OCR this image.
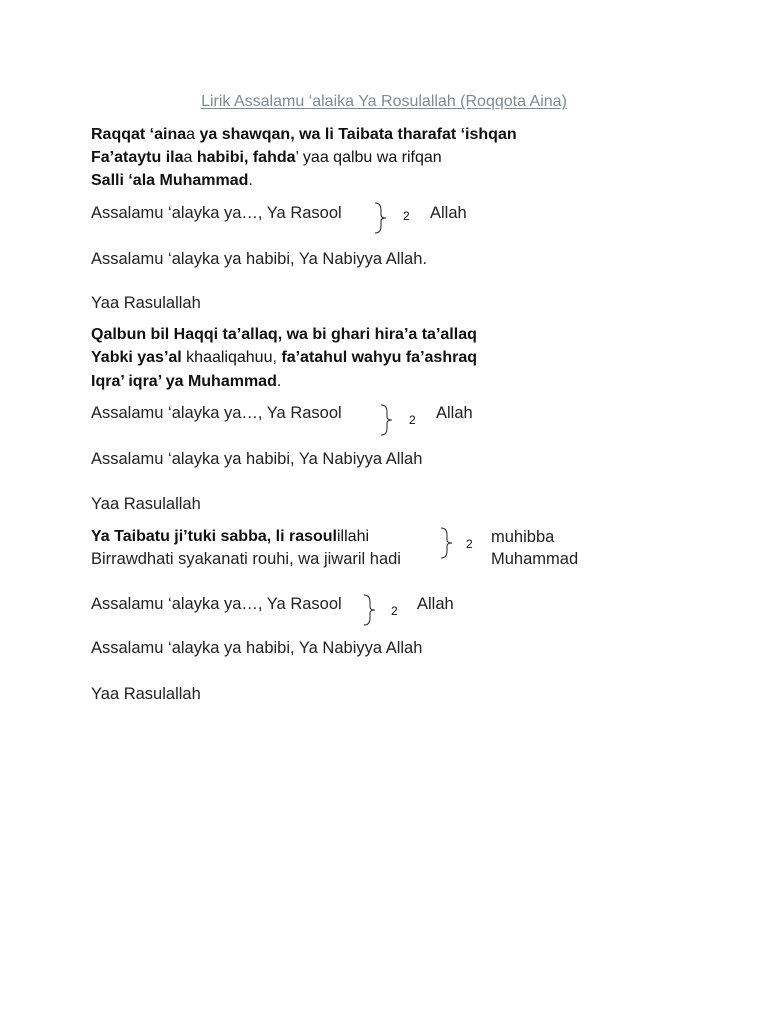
Lirik Assalamu ‘alaika Ya Rosulallah (Roqqota Aina)
Raqqat ‘ainaa ya shawqan, wa li Taibata tharafat ‘ishqan
Fa’ataytu ilaa habibi, fahda’ yaa qalbu wa rifqan
Salli ‘ala Muhammad.
Assalamu ‘alayka ya…, Ya Rasool	2 Allah
Assalamu ‘alayka ya habibi, Ya Nabiyya Allah.
Yaa Rasulallah
Qalbun bil Haqqi ta’allaq, wa bi ghari hira’a ta’allaq
Yabki yas’al khaaliqahuu, fa’atahul wahyu fa’ashraq
Iqra’ iqra’ ya Muhammad.
Assalamu ‘alayka ya…, Ya Rasool	2 Allah
Assalamu ‘alayka ya habibi, Ya Nabiyya Allah
Yaa Rasulallah
Ya Taibatu ji’tuki sabba, li rasoulillahi
Birrawdhati syakanati rouhi, wa jiwaril hadi
2 muhibba
Muhammad
Assalamu ‘alayka ya…, Ya Rasool	2 Allah
Assalamu ‘alayka ya habibi, Ya Nabiyya Allah
Yaa Rasulallah
